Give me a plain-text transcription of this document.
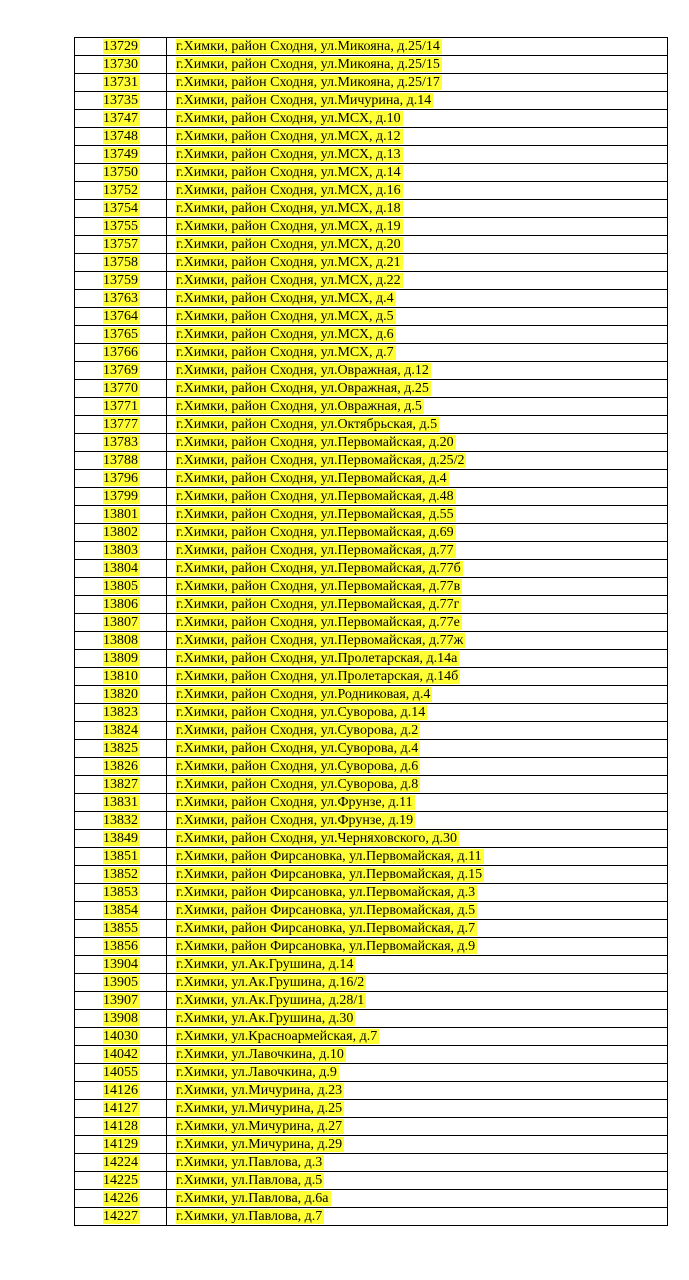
13729	г.Химки, район Сходня, ул.Микояна, д.25/14
13730	г.Химки, район Сходня, ул.Микояна, д.25/15
13731	г.Химки, район Сходня, ул.Микояна, д.25/17
13735	г.Химки, район Сходня, ул.Мичурина, д.14
13747	г.Химки, район Сходня, ул.МСХ, д.10
13748	г.Химки, район Сходня, ул.МСХ, д.12
13749	г.Химки, район Сходня, ул.МСХ, д.13
13750	г.Химки, район Сходня, ул.МСХ, д.14
13752	г.Химки, район Сходня, ул.МСХ, д.16
13754	г.Химки, район Сходня, ул.МСХ, д.18
13755	г.Химки, район Сходня, ул.МСХ, д.19
13757	г.Химки, район Сходня, ул.МСХ, д.20
13758	г.Химки, район Сходня, ул.МСХ, д.21
13759	г.Химки, район Сходня, ул.МСХ, д.22
13763	г.Химки, район Сходня, ул.МСХ, д.4
13764	г.Химки, район Сходня, ул.МСХ, д.5
13765	г.Химки, район Сходня, ул.МСХ, д.6
13766	г.Химки, район Сходня, ул.МСХ, д.7
13769	г.Химки, район Сходня, ул.Овражная, д.12
13770	г.Химки, район Сходня, ул.Овражная, д.25
13771	г.Химки, район Сходня, ул.Овражная, д.5
13777	г.Химки, район Сходня, ул.Октябрьская, д.5
13783	г.Химки, район Сходня, ул.Первомайская, д.20
13788	г.Химки, район Сходня, ул.Первомайская, д.25/2
13796	г.Химки, район Сходня, ул.Первомайская, д.4
13799	г.Химки, район Сходня, ул.Первомайская, д.48
13801	г.Химки, район Сходня, ул.Первомайская, д.55
13802	г.Химки, район Сходня, ул.Первомайская, д.69
13803	г.Химки, район Сходня, ул.Первомайская, д.77
13804	г.Химки, район Сходня, ул.Первомайская, д.77б
13805	г.Химки, район Сходня, ул.Первомайская, д.77в
13806	г.Химки, район Сходня, ул.Первомайская, д.77г
13807	г.Химки, район Сходня, ул.Первомайская, д.77е
13808	г.Химки, район Сходня, ул.Первомайская, д.77ж
13809	г.Химки, район Сходня, ул.Пролетарская, д.14а
13810	г.Химки, район Сходня, ул.Пролетарская, д.14б
13820	г.Химки, район Сходня, ул.Родниковая, д.4
13823	г.Химки, район Сходня, ул.Суворова, д.14
13824	г.Химки, район Сходня, ул.Суворова, д.2
13825	г.Химки, район Сходня, ул.Суворова, д.4
13826	г.Химки, район Сходня, ул.Суворова, д.6
13827	г.Химки, район Сходня, ул.Суворова, д.8
13831	г.Химки, район Сходня, ул.Фрунзе, д.11
13832	г.Химки, район Сходня, ул.Фрунзе, д.19
13849	г.Химки, район Сходня, ул.Черняховского, д.30
13851	г.Химки, район Фирсановка, ул.Первомайская, д.11
13852	г.Химки, район Фирсановка, ул.Первомайская, д.15
13853	г.Химки, район Фирсановка, ул.Первомайская, д.3
13854	г.Химки, район Фирсановка, ул.Первомайская, д.5
13855	г.Химки, район Фирсановка, ул.Первомайская, д.7
13856	г.Химки, район Фирсановка, ул.Первомайская, д.9
13904	г.Химки, ул.Ак.Грушина, д.14
13905	г.Химки, ул.Ак.Грушина, д.16/2
13907	г.Химки, ул.Ак.Грушина, д.28/1
13908	г.Химки, ул.Ак.Грушина, д.30
14030	г.Химки, ул.Красноармейская, д.7
14042	г.Химки, ул.Лавочкина, д.10
14055	г.Химки, ул.Лавочкина, д.9
14126	г.Химки, ул.Мичурина, д.23
14127	г.Химки, ул.Мичурина, д.25
14128	г.Химки, ул.Мичурина, д.27
14129	г.Химки, ул.Мичурина, д.29
14224	г.Химки, ул.Павлова, д.3
14225	г.Химки, ул.Павлова, д.5
14226	г.Химки, ул.Павлова, д.6а
14227	г.Химки, ул.Павлова, д.7
